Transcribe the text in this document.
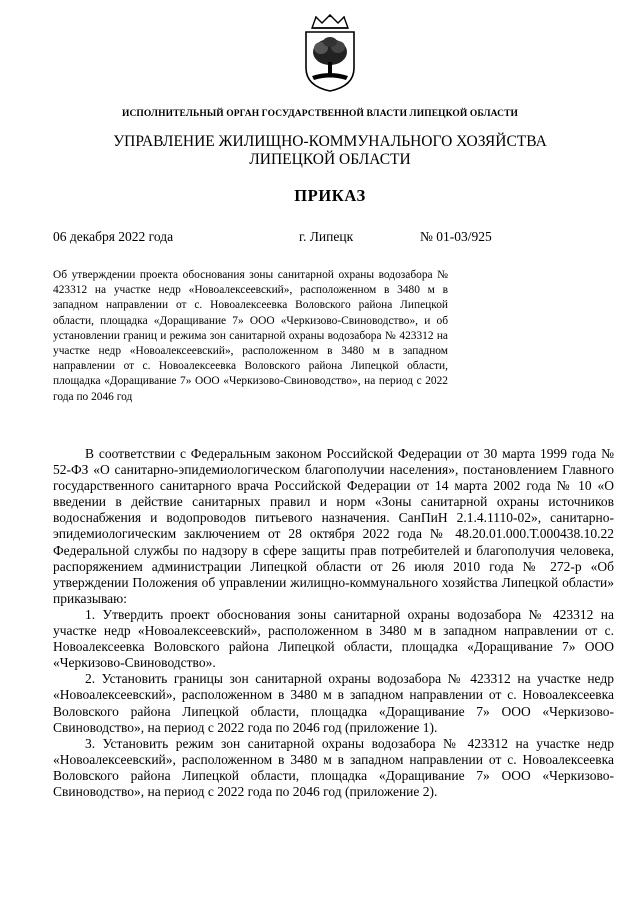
ИСПОЛНИТЕЛЬНЫЙ ОРГАН ГОСУДАРСТВЕННОЙ ВЛАСТИ ЛИПЕЦКОЙ ОБЛАСТИ
УПРАВЛЕНИЕ ЖИЛИЩНО-КОММУНАЛЬНОГО ХОЗЯЙСТВА
ЛИПЕЦКОЙ ОБЛАСТИ
ПРИКАЗ
06 декабря 2022 года	г. Липецк	№ 01-03/925
Об утверждении проекта обоснования зоны санитарной охраны водозабора № 423312 на участке недр «Новоалексеевский», расположенном в 3480 м в западном направлении от с. Новоалексеевка Воловского района Липецкой области, площадка «Доращивание 7» ООО «Черкизово-Свиноводство», и об установлении границ и режима зон санитарной охраны водозабора № 423312 на участке недр «Новоалексеевский», расположенном в 3480 м в западном направлении от с. Новоалексеевка Воловского района Липецкой области, площадка «Доращивание 7» ООО «Черкизово-Свиноводство», на период с 2022 года по 2046 год

В соответствии с Федеральным законом Российской Федерации от 30 марта 1999 года № 52-ФЗ «О санитарно-эпидемиологическом благополучии населения», постановлением Главного государственного санитарного врача Российской Федерации от 14 марта 2002 года № 10 «О введении в действие санитарных правил и норм «Зоны санитарной охраны источников водоснабжения и водопроводов питьевого назначения. СанПиН 2.1.4.1110-02», санитарно-эпидемиологическим заключением от 28 октября 2022 года № 48.20.01.000.Т.000438.10.22 Федеральной службы по надзору в сфере защиты прав потребителей и благополучия человека, распоряжением администрации Липецкой области от 26 июля 2010 года № 272-р «Об утверждении Положения об управлении жилищно-коммунального хозяйства Липецкой области» приказываю:

1. Утвердить проект обоснования зоны санитарной охраны водозабора № 423312 на участке недр «Новоалексеевский», расположенном в 3480 м в западном направлении от с. Новоалексеевка Воловского района Липецкой области, площадка «Доращивание 7» ООО «Черкизово-Свиноводство».

2. Установить границы зон санитарной охраны водозабора № 423312 на участке недр «Новоалексеевский», расположенном в 3480 м в западном направлении от с. Новоалексеевка Воловского района Липецкой области, площадка «Доращивание 7» ООО «Черкизово-Свиноводство», на период с 2022 года по 2046 год (приложение 1).

3. Установить режим зон санитарной охраны водозабора № 423312 на участке недр «Новоалексеевский», расположенном в 3480 м в западном направлении от с. Новоалексеевка Воловского района Липецкой области, площадка «Доращивание 7» ООО «Черкизово-Свиноводство», на период с 2022 года по 2046 год (приложение 2).
